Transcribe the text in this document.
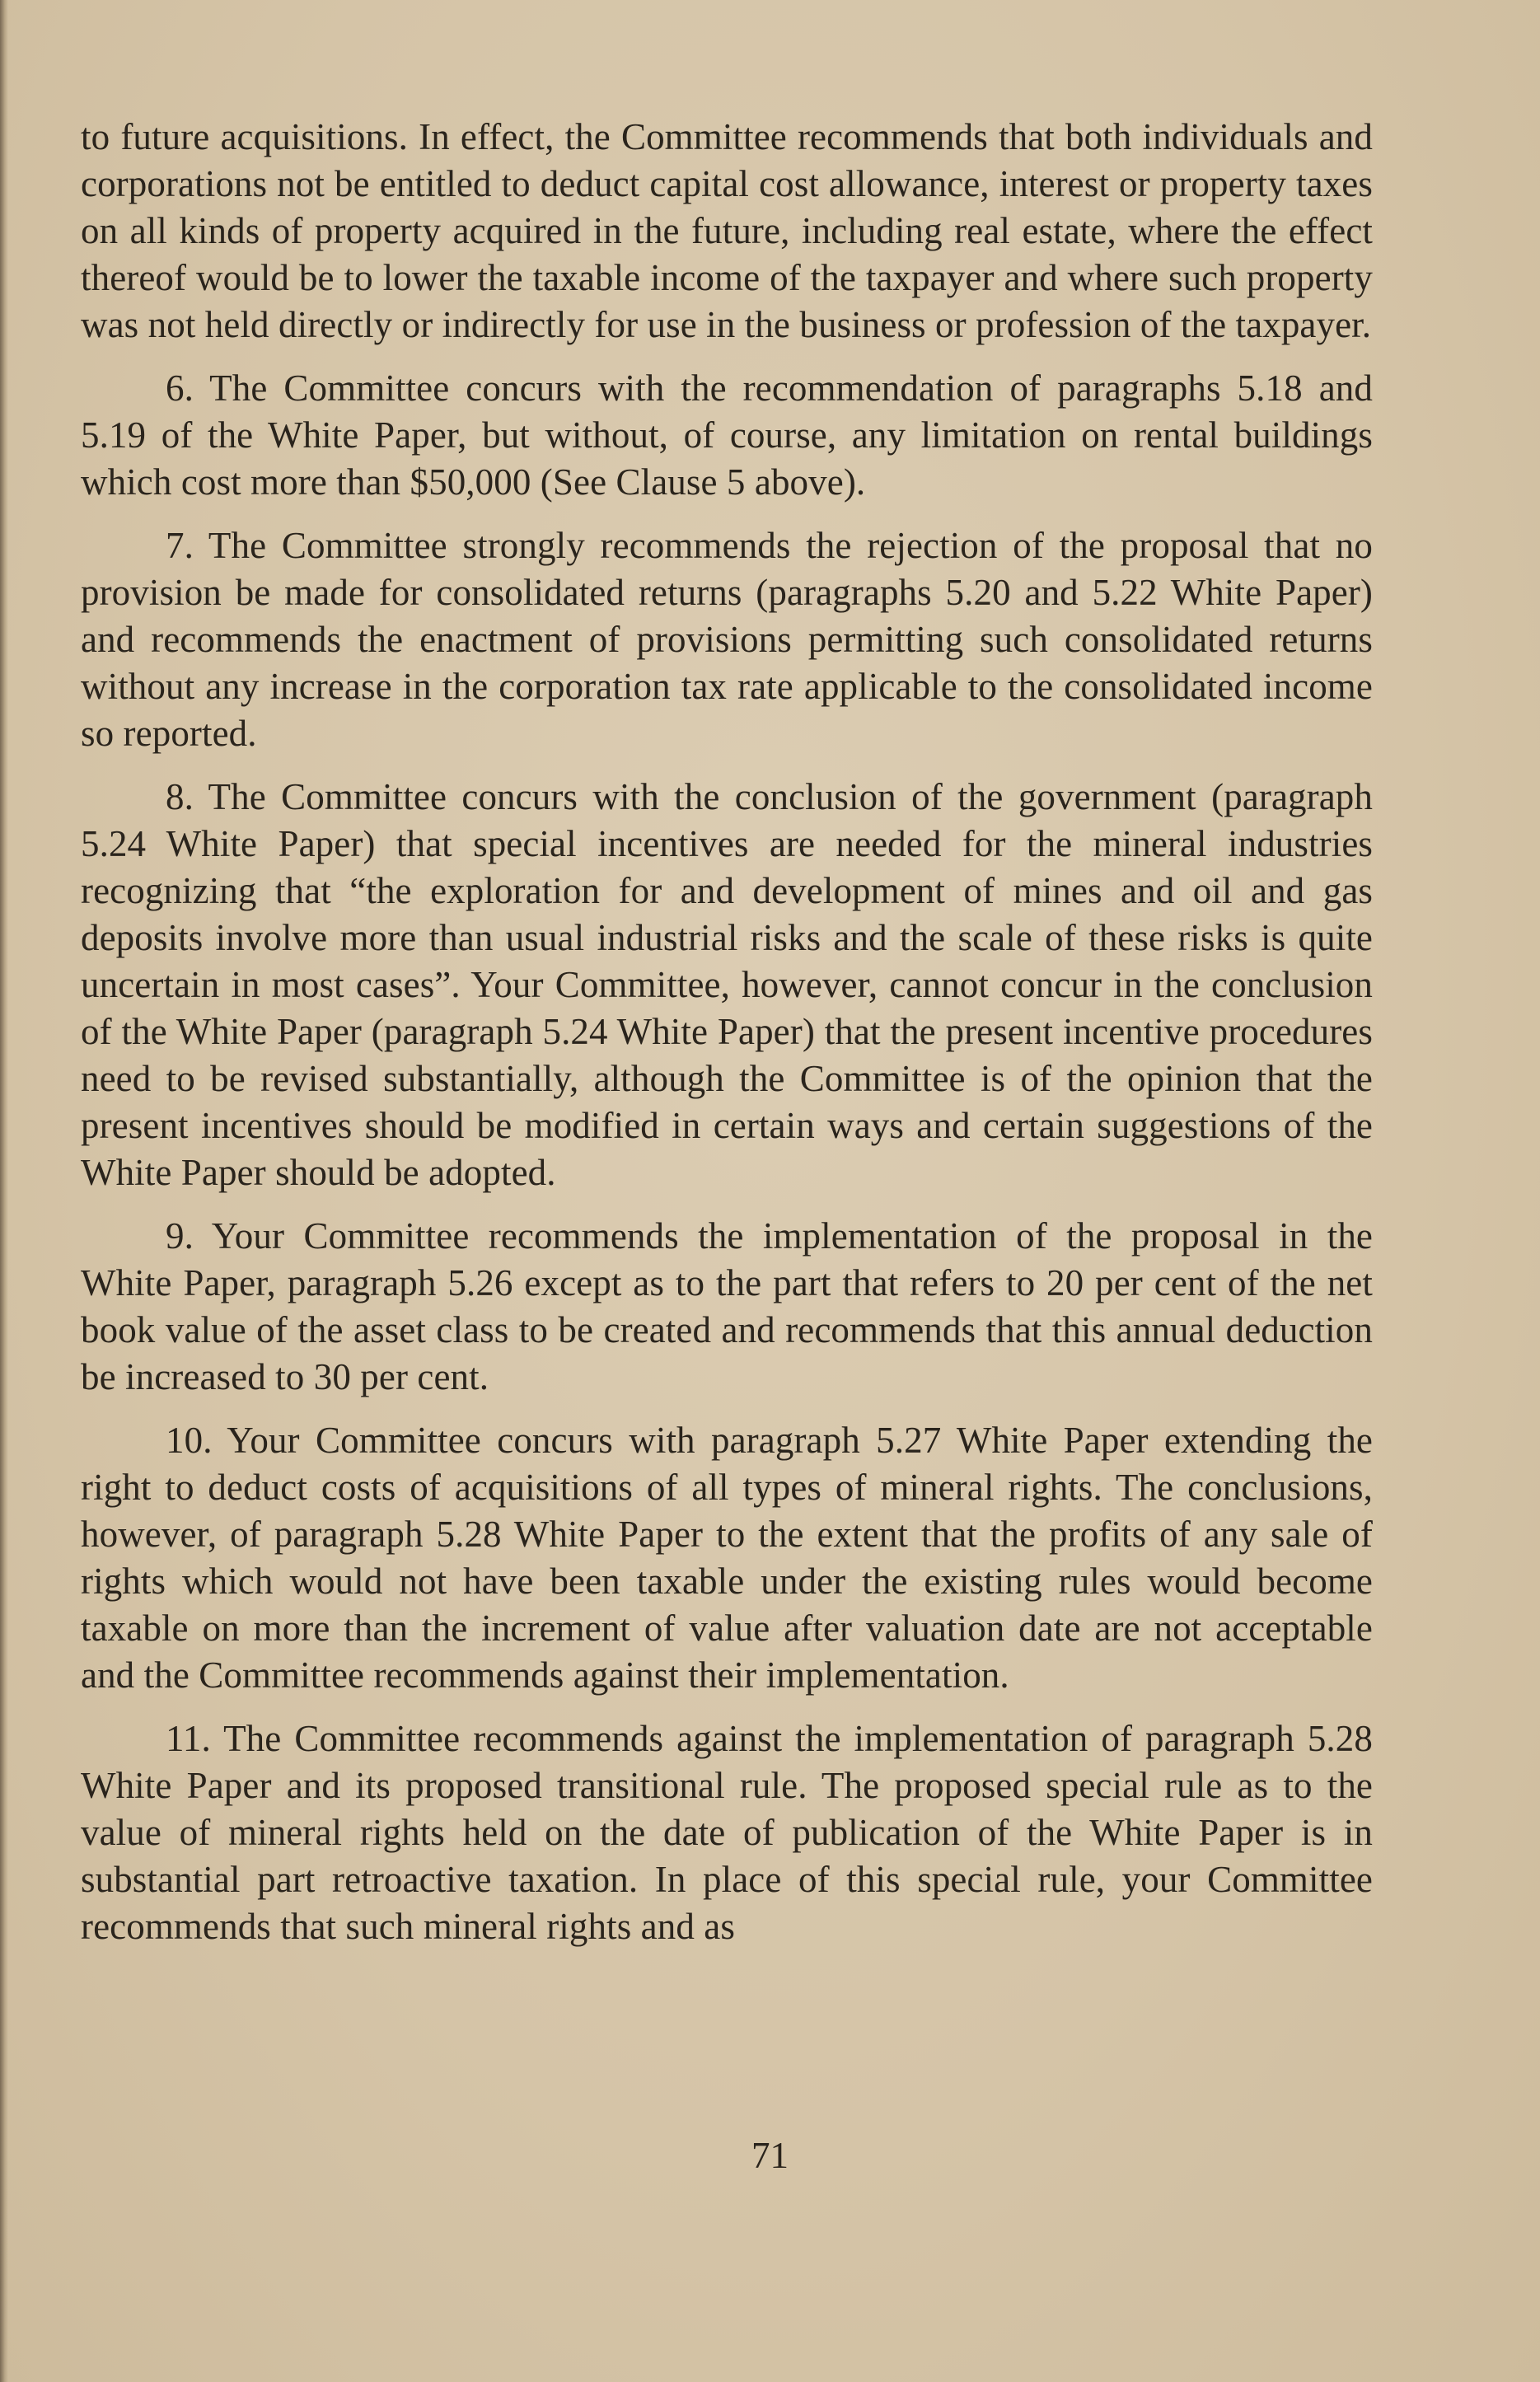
to future acquisitions. In effect, the Committee recommends that both individuals and corporations not be entitled to deduct capital cost allowance, interest or property taxes on all kinds of property acquired in the future, including real estate, where the effect thereof would be to lower the taxable income of the taxpayer and where such property was not held directly or indirectly for use in the business or profession of the taxpayer.

6. The Committee concurs with the recommendation of paragraphs 5.18 and 5.19 of the White Paper, but without, of course, any limitation on rental buildings which cost more than $50,000 (See Clause 5 above).

7. The Committee strongly recommends the rejection of the proposal that no provision be made for consolidated returns (paragraphs 5.20 and 5.22 White Paper) and recommends the enactment of provisions permitting such consolidated returns without any increase in the corporation tax rate applicable to the consolidated income so reported.

8. The Committee concurs with the conclusion of the government (paragraph 5.24 White Paper) that special incentives are needed for the mineral industries recognizing that “the exploration for and development of mines and oil and gas deposits involve more than usual industrial risks and the scale of these risks is quite uncertain in most cases”. Your Committee, however, cannot concur in the conclusion of the White Paper (paragraph 5.24 White Paper) that the present incentive procedures need to be revised substantially, although the Committee is of the opinion that the present incentives should be modified in certain ways and certain suggestions of the White Paper should be adopted.

9. Your Committee recommends the implementation of the proposal in the White Paper, paragraph 5.26 except as to the part that refers to 20 per cent of the net book value of the asset class to be created and recommends that this annual deduction be increased to 30 per cent.

10. Your Committee concurs with paragraph 5.27 White Paper extending the right to deduct costs of acquisitions of all types of mineral rights. The conclusions, however, of paragraph 5.28 White Paper to the extent that the profits of any sale of rights which would not have been taxable under the existing rules would become taxable on more than the increment of value after valuation date are not acceptable and the Committee recommends against their implementation.

11. The Committee recommends against the implementation of paragraph 5.28 White Paper and its proposed transitional rule. The proposed special rule as to the value of mineral rights held on the date of publication of the White Paper is in substantial part retroactive taxation. In place of this special rule, your Committee recommends that such mineral rights and as

71
